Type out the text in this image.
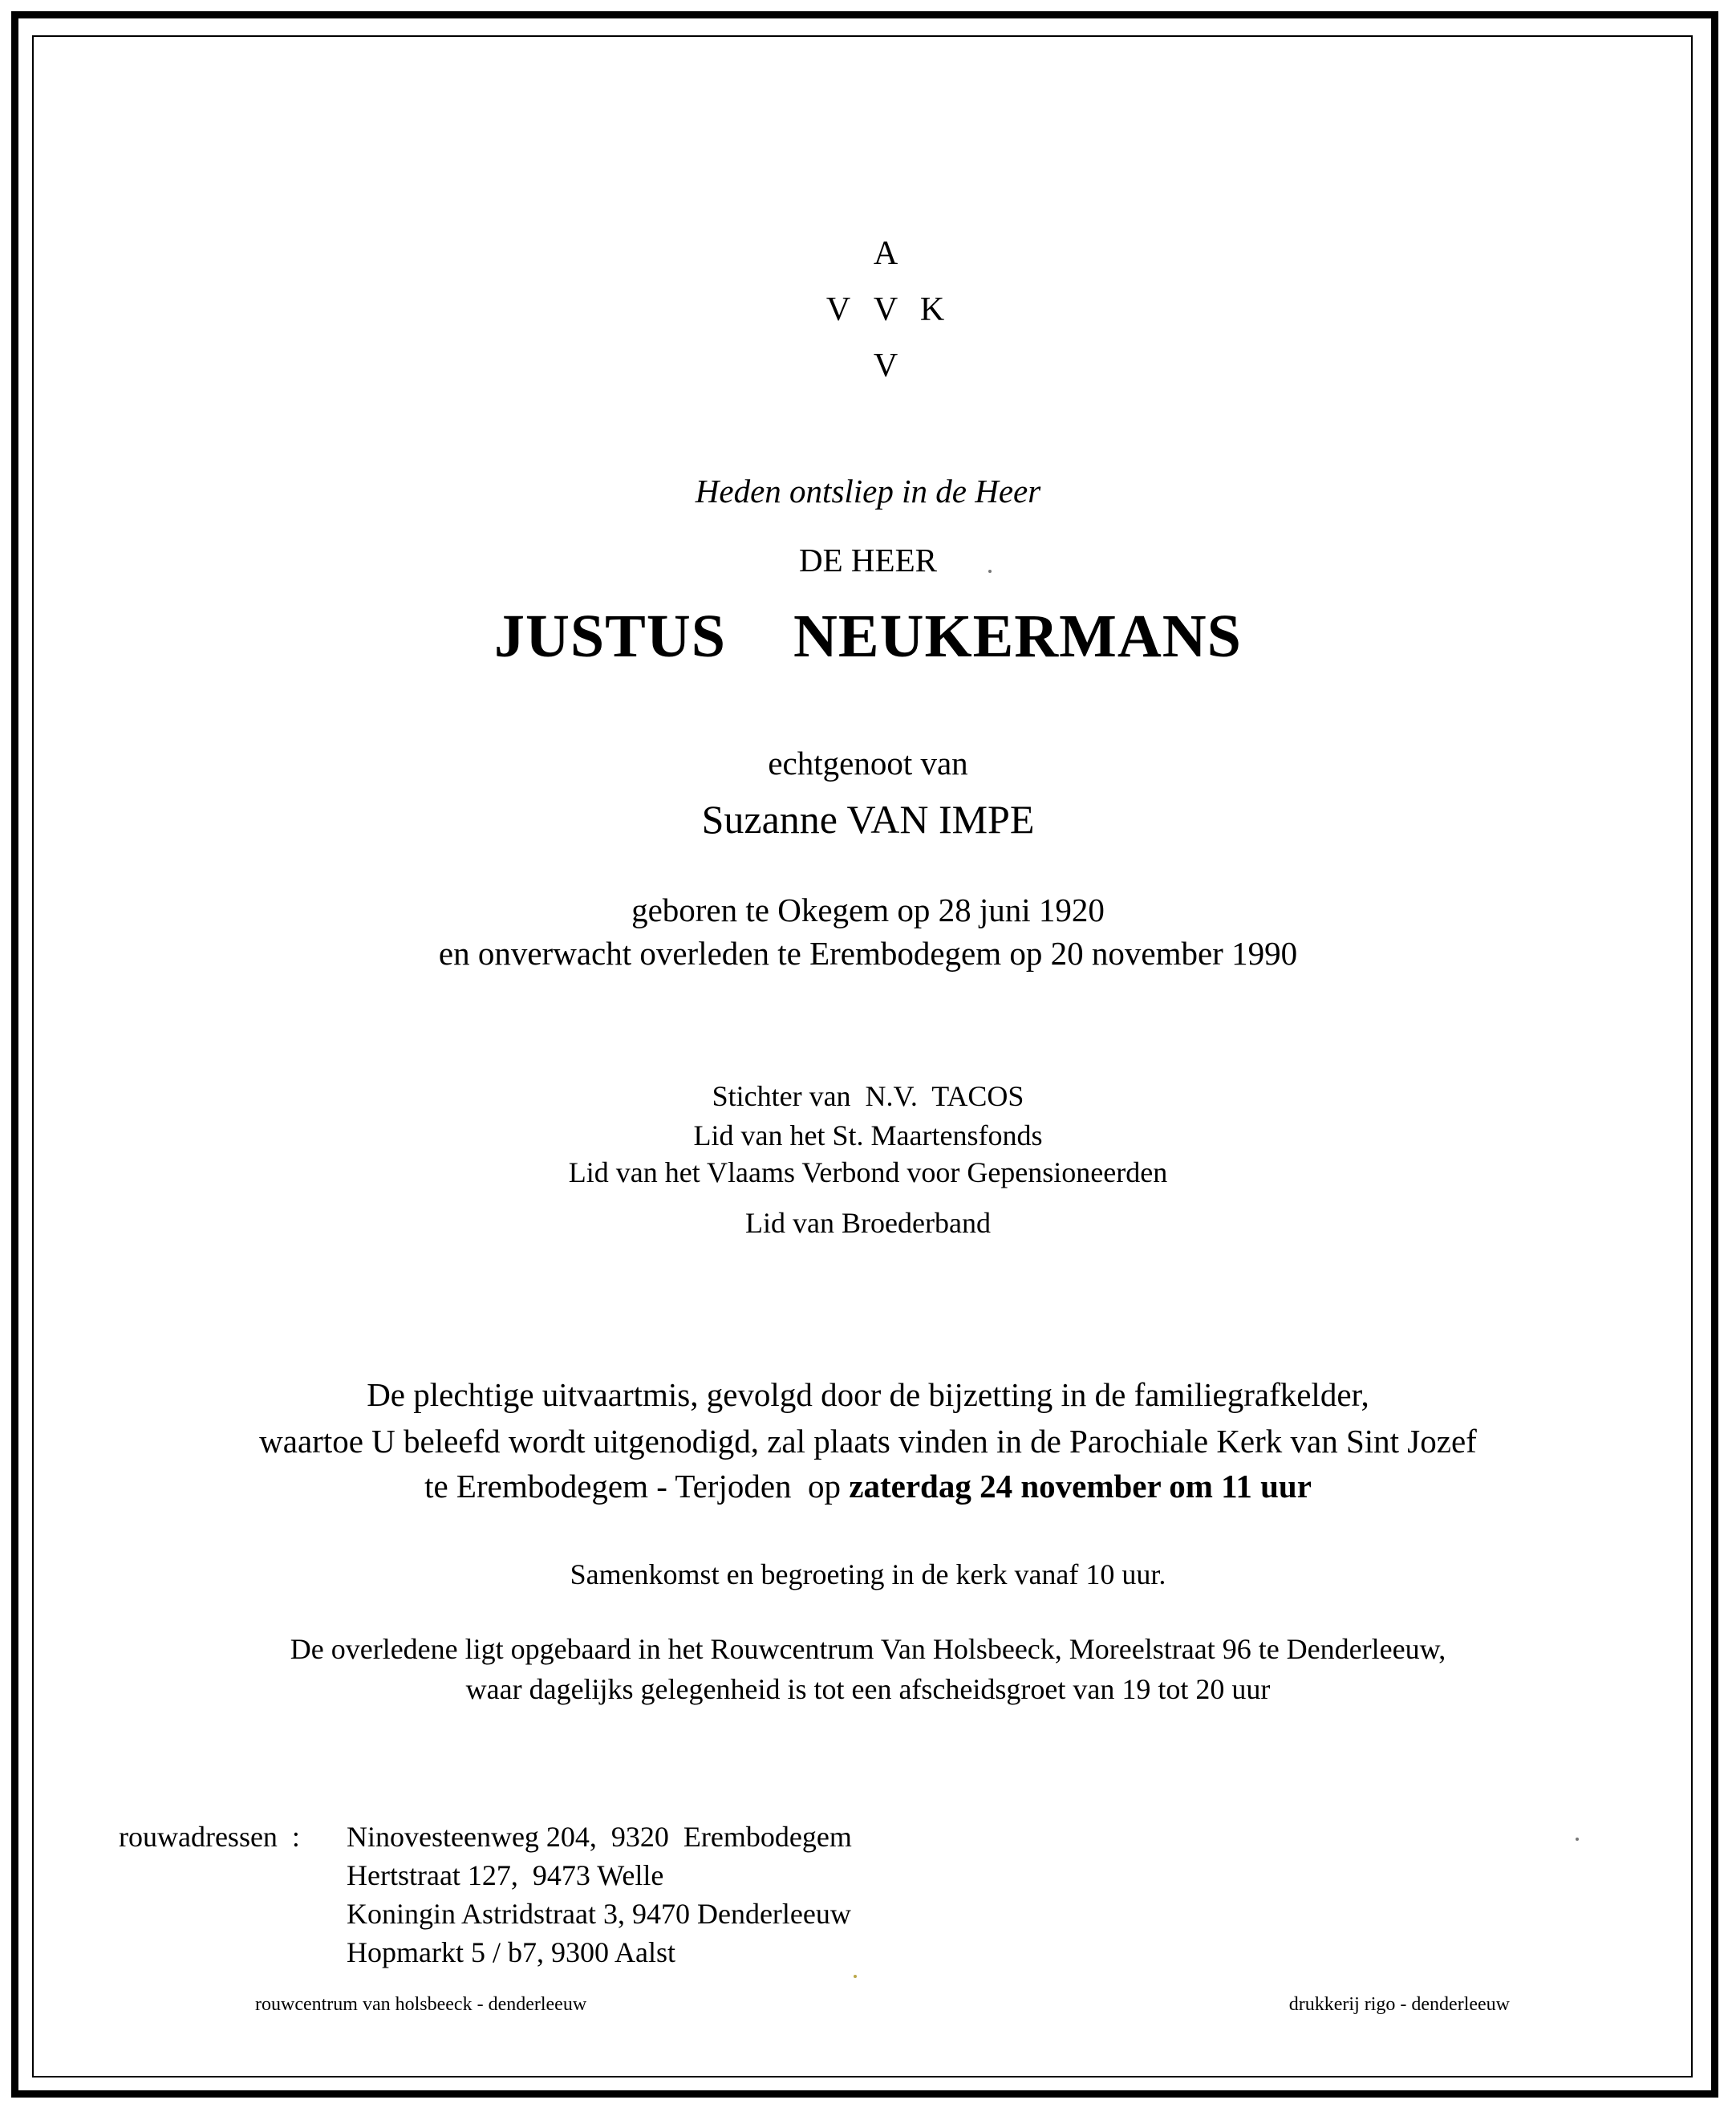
A
V V K
V
Heden ontsliep in de Heer
DE HEER
JUSTUS  NEUKERMANS
echtgenoot van
Suzanne VAN IMPE
geboren te Okegem op 28 juni 1920
en onverwacht overleden te Erembodegem op 20 november 1990
Stichter van  N.V.  TACOS
Lid van het St. Maartensfonds
Lid van het Vlaams Verbond voor Gepensioneerden
Lid van Broederband
De plechtige uitvaartmis, gevolgd door de bijzetting in de familiegrafkelder,
waartoe U beleefd wordt uitgenodigd, zal plaats vinden in de Parochiale Kerk van Sint Jozef
te Erembodegem - Terjoden  op zaterdag 24 november om 11 uur
Samenkomst en begroeting in de kerk vanaf 10 uur.
De overledene ligt opgebaard in het Rouwcentrum Van Holsbeeck, Moreelstraat 96 te Denderleeuw,
waar dagelijks gelegenheid is tot een afscheidsgroet van 19 tot 20 uur
rouwadressen  : Ninovesteenweg 204,  9320  Erembodegem
Hertstraat 127,  9473 Welle
Koningin Astridstraat 3, 9470 Denderleeuw
Hopmarkt 5 / b7, 9300 Aalst
rouwcentrum van holsbeeck - denderleeuw	drukkerij rigo - denderleeuw
